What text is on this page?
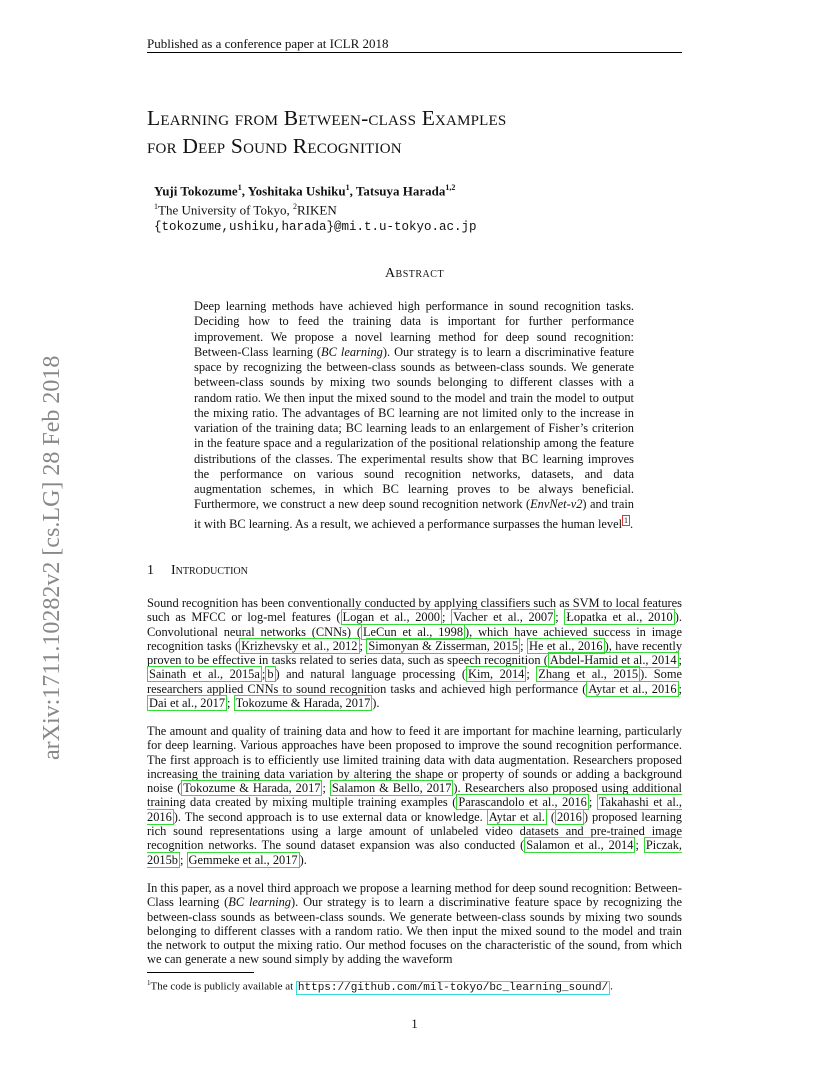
Published as a conference paper at ICLR 2018
arXiv:1711.10282v2 [cs.LG] 28 Feb 2018
Learning from Between-class Examples
for Deep Sound Recognition
Yuji Tokozume$^1$, Yoshitaka Ushiku$^1$, Tatsuya Harada$^{1,2}$
$^1$The University of Tokyo, $^2$RIKEN
{tokozume,ushiku,harada}@mi.t.u-tokyo.ac.jp
Abstract
Deep learning methods have achieved high performance in sound recognition tasks. Deciding how to feed the training data is important for further performance improvement. We propose a novel learning method for deep sound recognition: Between-Class learning (BC learning). Our strategy is to learn a discriminative feature space by recognizing the between-class sounds as between-class sounds. We generate between-class sounds by mixing two sounds belonging to different classes with a random ratio. We then input the mixed sound to the model and train the model to output the mixing ratio. The advantages of BC learning are not limited only to the increase in variation of the training data; BC learning leads to an enlargement of Fisher’s criterion in the feature space and a regularization of the positional relationship among the feature distributions of the classes. The experimental results show that BC learning improves the performance on various sound recognition networks, datasets, and data augmentation schemes, in which BC learning proves to be always beneficial. Furthermore, we construct a new deep sound recognition network (EnvNet-v2) and train it with BC learning. As a result, we achieved a performance surpasses the human level $^1$ .
1 Introduction
Sound recognition has been conventionally conducted by applying classifiers such as SVM to local features such as MFCC or log-mel features ( Logan et al., 2000 ; Vacher et al., 2007 ; Łopatka et al., 2010 ). Convolutional neural networks (CNNs) ( LeCun et al., 1998 ), which have achieved success in image recognition tasks ( Krizhevsky et al., 2012 ; Simonyan & Zisserman, 2015 ; He et al., 2016 ), have recently proven to be effective in tasks related to series data, such as speech recognition ( Abdel-Hamid et al., 2014 ; Sainath et al., 2015a ; b ) and natural language processing ( Kim, 2014 ; Zhang et al., 2015 ). Some researchers applied CNNs to sound recognition tasks and achieved high performance ( Aytar et al., 2016 ; Dai et al., 2017 ; Tokozume & Harada, 2017 ).
The amount and quality of training data and how to feed it are important for machine learning, particularly for deep learning. Various approaches have been proposed to improve the sound recognition performance. The first approach is to efficiently use limited training data with data augmentation. Researchers proposed increasing the training data variation by altering the shape or property of sounds or adding a background noise ( Tokozume & Harada, 2017 ; Salamon & Bello, 2017 ). Researchers also proposed using additional training data created by mixing multiple training examples ( Parascandolo et al., 2016 ; Takahashi et al., 2016 ). The second approach is to use external data or knowledge. Aytar et al. ( 2016 ) proposed learning rich sound representations using a large amount of unlabeled video datasets and pre-trained image recognition networks. The sound dataset expansion was also conducted ( Salamon et al., 2014 ; Piczak, 2015b ; Gemmeke et al., 2017 ).
In this paper, as a novel third approach we propose a learning method for deep sound recognition: Between-Class learning (BC learning). Our strategy is to learn a discriminative feature space by recognizing the between-class sounds as between-class sounds. We generate between-class sounds by mixing two sounds belonging to different classes with a random ratio. We then input the mixed sound to the model and train the network to output the mixing ratio. Our method focuses on the characteristic of the sound, from which we can generate a new sound simply by adding the waveform
$^1$The code is publicly available at https://github.com/mil-tokyo/bc_learning_sound/ .
1
